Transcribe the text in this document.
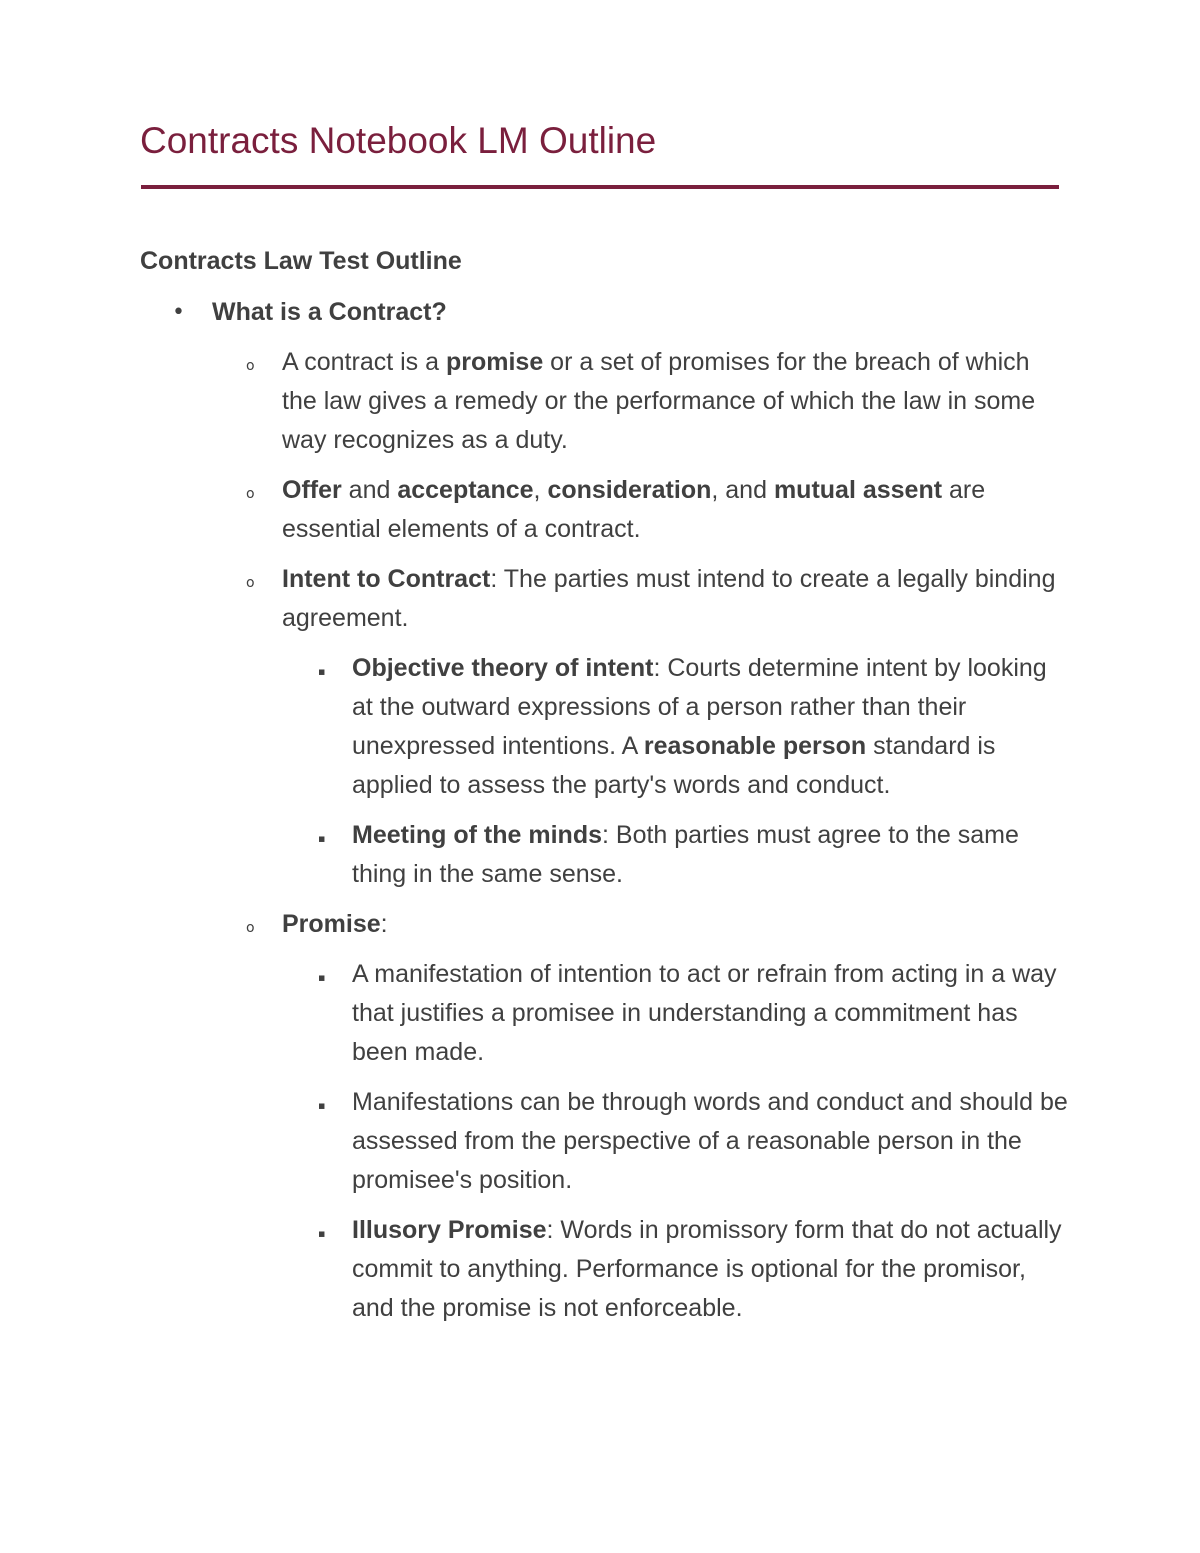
Contracts Notebook LM Outline

Contracts Law Test Outline

• What is a Contract?
o A contract is a promise or a set of promises for the breach of which the law gives a remedy or the performance of which the law in some way recognizes as a duty.
o Offer and acceptance, consideration, and mutual assent are essential elements of a contract.
o Intent to Contract: The parties must intend to create a legally binding agreement.
▪ Objective theory of intent: Courts determine intent by looking at the outward expressions of a person rather than their unexpressed intentions. A reasonable person standard is applied to assess the party's words and conduct.
▪ Meeting of the minds: Both parties must agree to the same thing in the same sense.
o Promise:
▪ A manifestation of intention to act or refrain from acting in a way that justifies a promisee in understanding a commitment has been made.
▪ Manifestations can be through words and conduct and should be assessed from the perspective of a reasonable person in the promisee's position.
▪ Illusory Promise: Words in promissory form that do not actually commit to anything. Performance is optional for the promisor, and the promise is not enforceable.
